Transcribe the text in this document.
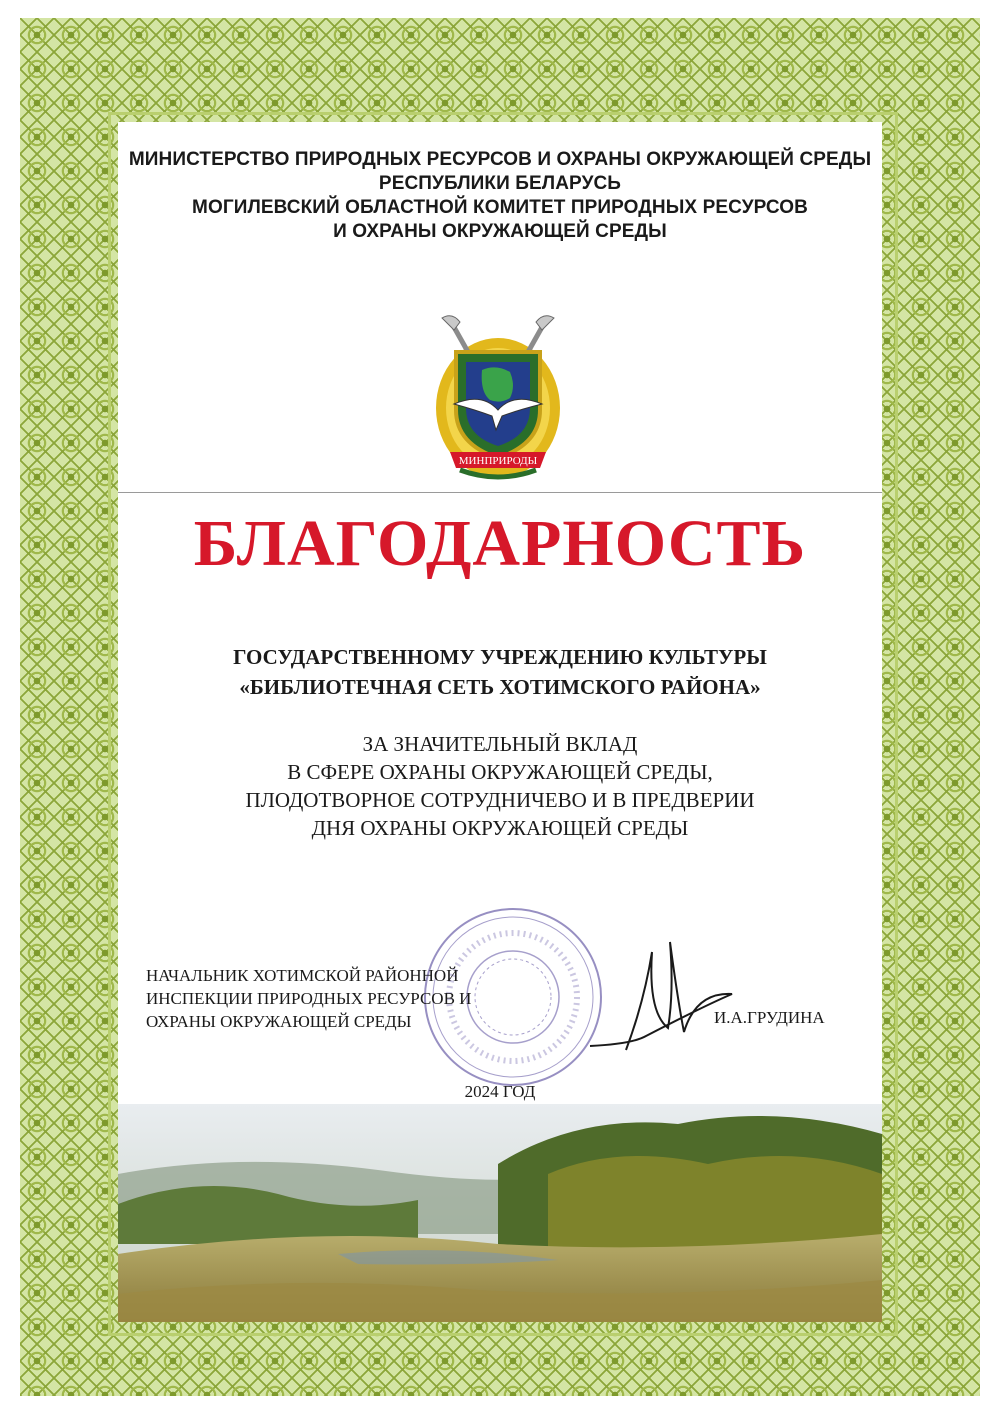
МИНИСТЕРСТВО ПРИРОДНЫХ РЕСУРСОВ И ОХРАНЫ ОКРУЖАЮЩЕЙ СРЕДЫ
РЕСПУБЛИКИ БЕЛАРУСЬ
МОГИЛЕВСКИЙ ОБЛАСТНОЙ КОМИТЕТ ПРИРОДНЫХ РЕСУРСОВ
И ОХРАНЫ ОКРУЖАЮЩЕЙ СРЕДЫ
МИНПРИРОДЫ
БЛАГОДАРНОСТЬ
ГОСУДАРСТВЕННОМУ УЧРЕЖДЕНИЮ КУЛЬТУРЫ
«БИБЛИОТЕЧНАЯ СЕТЬ ХОТИМСКОГО РАЙОНА»
ЗА ЗНАЧИТЕЛЬНЫЙ ВКЛАД
В СФЕРЕ ОХРАНЫ ОКРУЖАЮЩЕЙ СРЕДЫ,
ПЛОДОТВОРНОЕ СОТРУДНИЧЕВО И В ПРЕДВЕРИИ
ДНЯ ОХРАНЫ ОКРУЖАЮЩЕЙ СРЕДЫ
НАЧАЛЬНИК ХОТИМСКОЙ РАЙОННОЙ
ИНСПЕКЦИИ ПРИРОДНЫХ РЕСУРСОВ И
ОХРАНЫ ОКРУЖАЮЩЕЙ СРЕДЫ	И.А.ГРУДИНА
2024 ГОД
